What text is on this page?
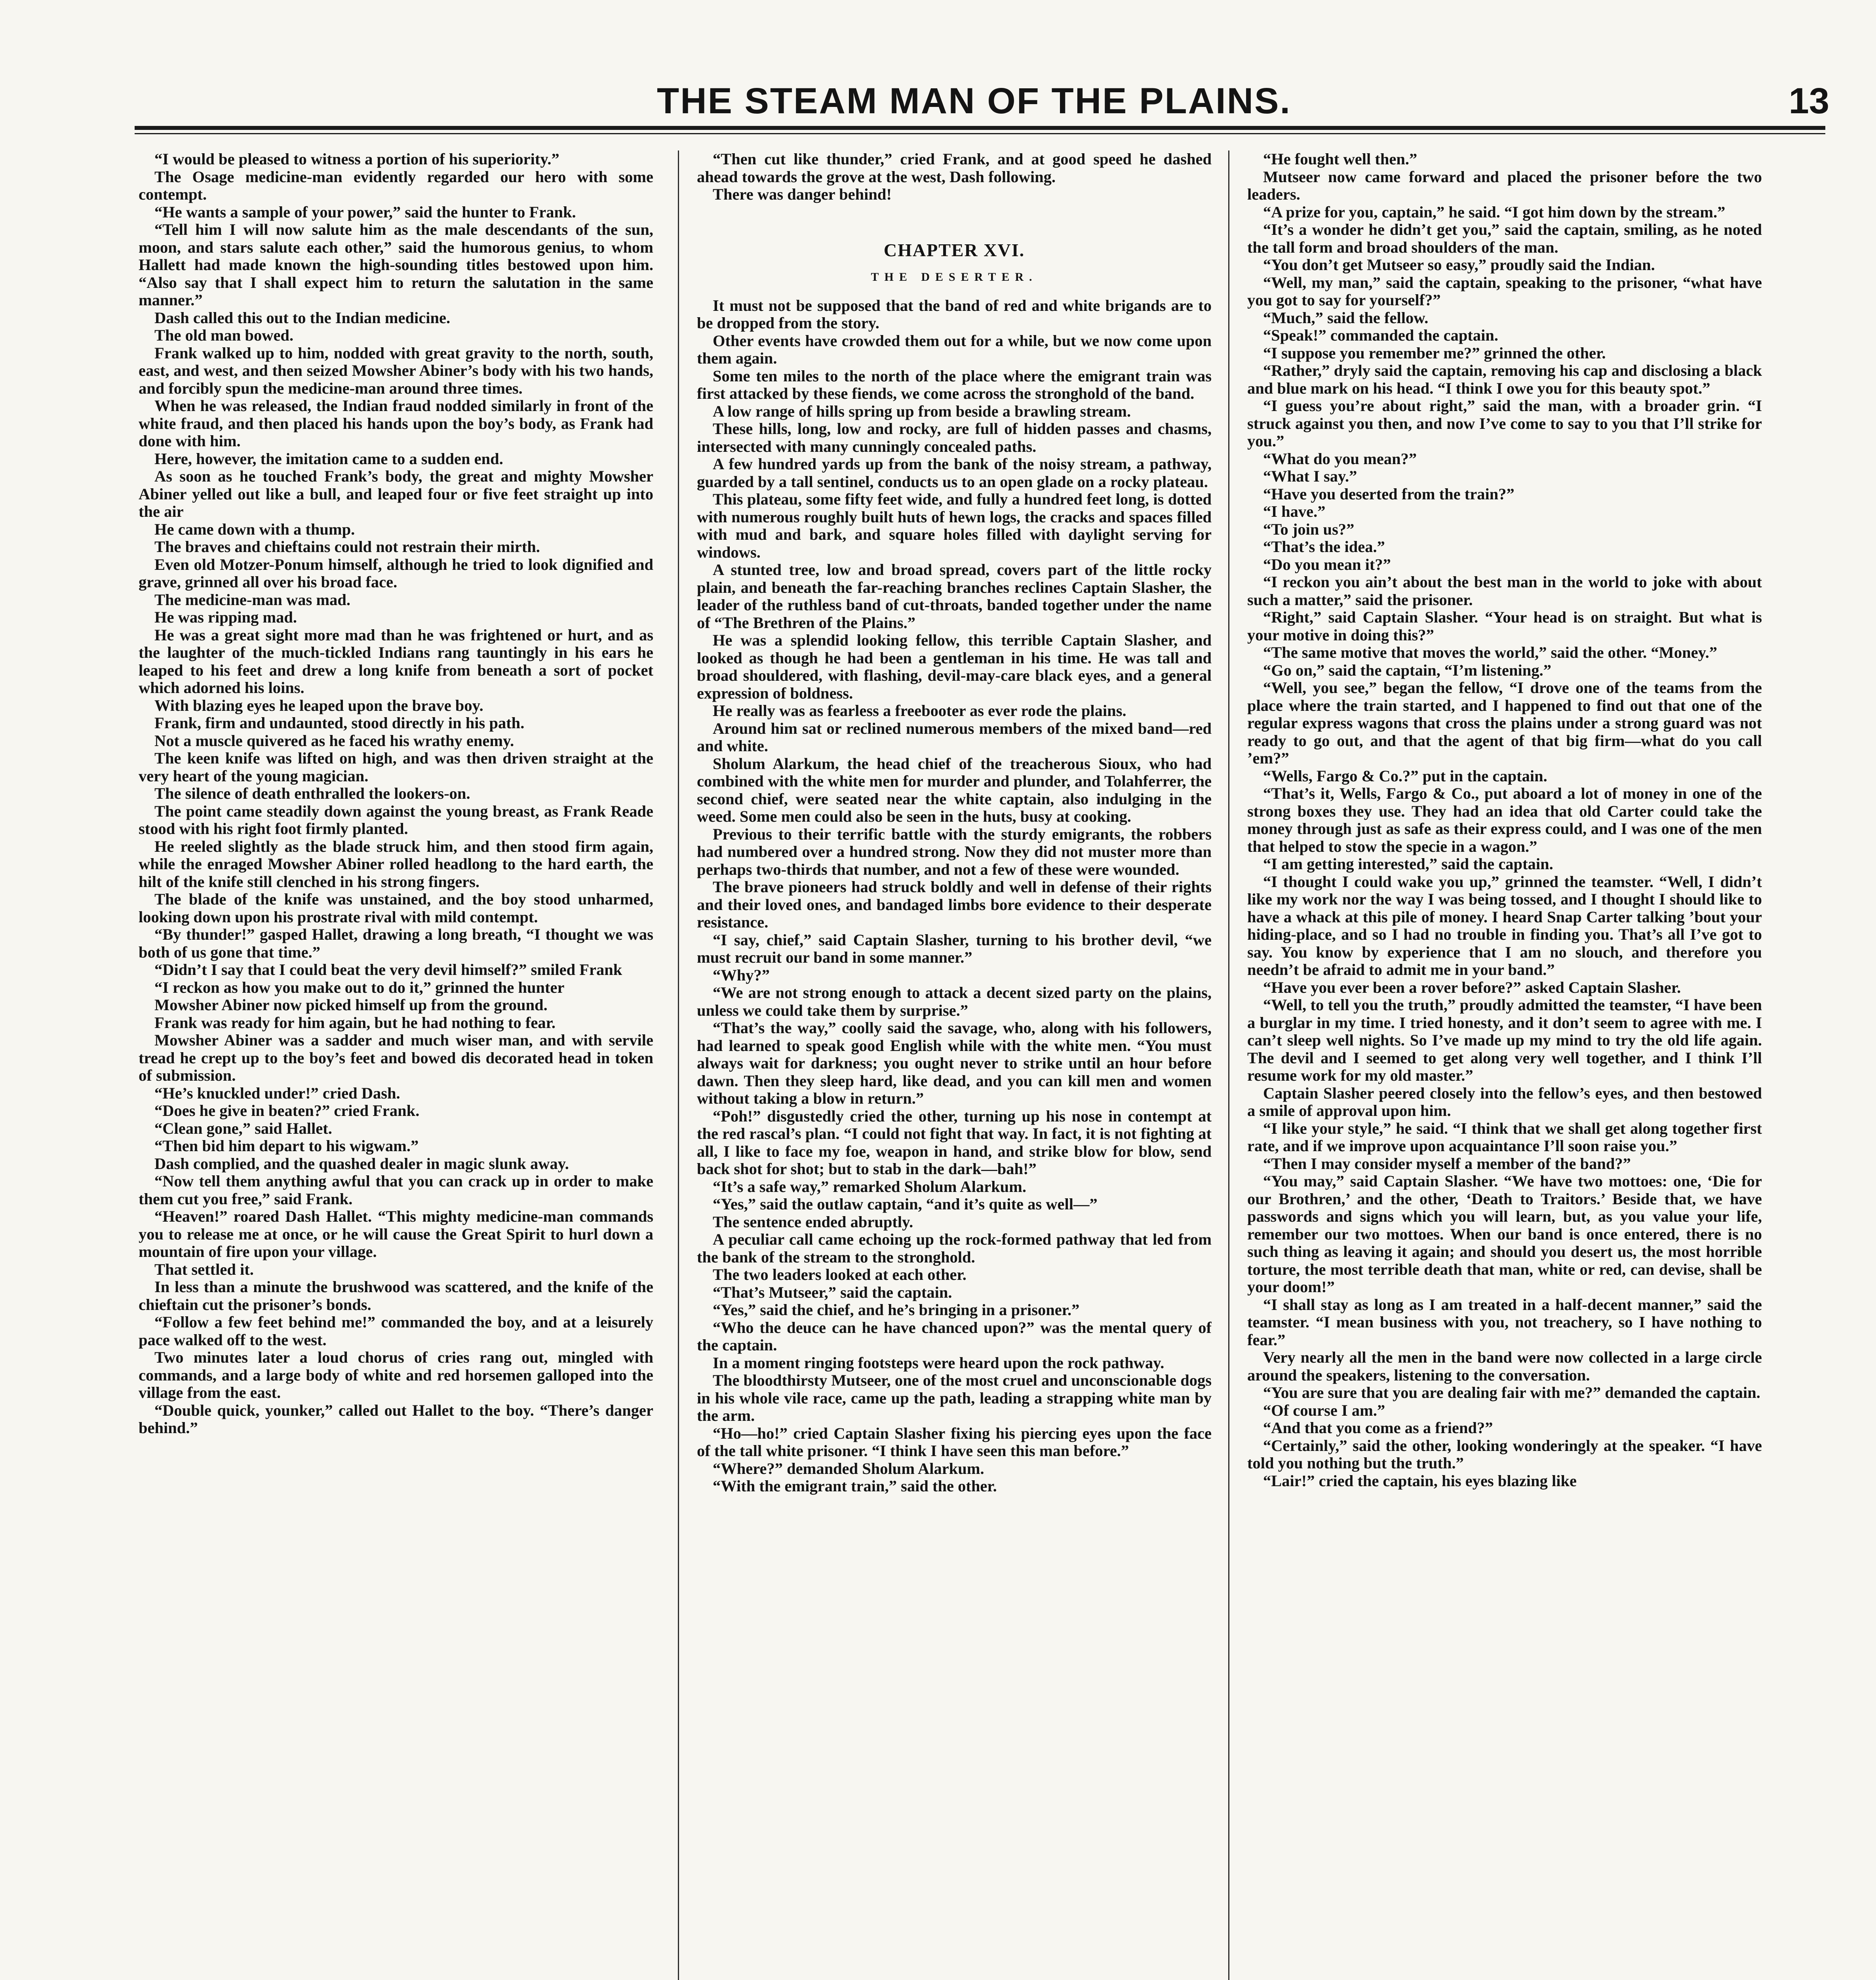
THE STEAM MAN OF THE PLAINS.	13

“I would be pleased to witness a portion of his superiority.”

The Osage medicine-man evidently regarded our hero with some contempt.

“He wants a sample of your power,” said the hunter to Frank.

“Tell him I will now salute him as the male descendants of the sun, moon, and stars salute each other,” said the humorous genius, to whom Hallett had made known the high-sounding titles bestowed upon him. “Also say that I shall expect him to return the salutation in the same manner.”

Dash called this out to the Indian medicine.

The old man bowed.

Frank walked up to him, nodded with great gravity to the north, south, east, and west, and then seized Mowsher Abiner’s body with his two hands, and forcibly spun the medicine-man around three times.

When he was released, the Indian fraud nodded similarly in front of the white fraud, and then placed his hands upon the boy’s body, as Frank had done with him.

Here, however, the imitation came to a sudden end.

As soon as he touched Frank’s body, the great and mighty Mowsher Abiner yelled out like a bull, and leaped four or five feet straight up into the air

He came down with a thump.

The braves and chieftains could not restrain their mirth.

Even old Motzer-Ponum himself, although he tried to look dignified and grave, grinned all over his broad face.

The medicine-man was mad.

He was ripping mad.

He was a great sight more mad than he was frightened or hurt, and as the laughter of the much-tickled Indians rang tauntingly in his ears he leaped to his feet and drew a long knife from beneath a sort of pocket which adorned his loins.

With blazing eyes he leaped upon the brave boy.

Frank, firm and undaunted, stood directly in his path.

Not a muscle quivered as he faced his wrathy enemy.

The keen knife was lifted on high, and was then driven straight at the very heart of the young magician.

The silence of death enthralled the lookers-on.

The point came steadily down against the young breast, as Frank Reade stood with his right foot firmly planted.

He reeled slightly as the blade struck him, and then stood firm again, while the enraged Mowsher Abiner rolled headlong to the hard earth, the hilt of the knife still clenched in his strong fingers.

The blade of the knife was unstained, and the boy stood unharmed, looking down upon his prostrate rival with mild contempt.

“By thunder!” gasped Hallet, drawing a long breath, “I thought we was both of us gone that time.”

“Didn’t I say that I could beat the very devil himself?” smiled Frank

“I reckon as how you make out to do it,” grinned the hunter

Mowsher Abiner now picked himself up from the ground.

Frank was ready for him again, but he had nothing to fear.

Mowsher Abiner was a sadder and much wiser man, and with servile tread he crept up to the boy’s feet and bowed dis decorated head in token of submission.

“He’s knuckled under!” cried Dash.

“Does he give in beaten?” cried Frank.

“Clean gone,” said Hallet.

“Then bid him depart to his wigwam.”

Dash complied, and the quashed dealer in magic slunk away.

“Now tell them anything awful that you can crack up in order to make them cut you free,” said Frank.

“Heaven!” roared Dash Hallet. “This mighty medicine-man commands you to release me at once, or he will cause the Great Spirit to hurl down a mountain of fire upon your village.

That settled it.

In less than a minute the brushwood was scattered, and the knife of the chieftain cut the prisoner’s bonds.

“Follow a few feet behind me!” commanded the boy, and at a leisurely pace walked off to the west.

Two minutes later a loud chorus of cries rang out, mingled with commands, and a large body of white and red horsemen galloped into the village from the east.

“Double quick, younker,” called out Hallet to the boy. “There’s danger behind.”

“Then cut like thunder,” cried Frank, and at good speed he dashed ahead towards the grove at the west, Dash following.

There was danger behind!

CHAPTER XVI.
THE DESERTER.

It must not be supposed that the band of red and white brigands are to be dropped from the story.

Other events have crowded them out for a while, but we now come upon them again.

Some ten miles to the north of the place where the emigrant train was first attacked by these fiends, we come across the stronghold of the band.

A low range of hills spring up from beside a brawling stream.

These hills, long, low and rocky, are full of hidden passes and chasms, intersected with many cunningly concealed paths.

A few hundred yards up from the bank of the noisy stream, a pathway, guarded by a tall sentinel, conducts us to an open glade on a rocky plateau.

This plateau, some fifty feet wide, and fully a hundred feet long, is dotted with numerous roughly built huts of hewn logs, the cracks and spaces filled with mud and bark, and square holes filled with daylight serving for windows.

A stunted tree, low and broad spread, covers part of the little rocky plain, and beneath the far-reaching branches reclines Captain Slasher, the leader of the ruthless band of cut-throats, banded together under the name of “The Brethren of the Plains.”

He was a splendid looking fellow, this terrible Captain Slasher, and looked as though he had been a gentleman in his time. He was tall and broad shouldered, with flashing, devil-may-care black eyes, and a general expression of boldness.

He really was as fearless a freebooter as ever rode the plains.

Around him sat or reclined numerous members of the mixed band—red and white.

Sholum Alarkum, the head chief of the treacherous Sioux, who had combined with the white men for murder and plunder, and Tolahferrer, the second chief, were seated near the white captain, also indulging in the weed. Some men could also be seen in the huts, busy at cooking.

Previous to their terrific battle with the sturdy emigrants, the robbers had numbered over a hundred strong. Now they did not muster more than perhaps two-thirds that number, and not a few of these were wounded.

The brave pioneers had struck boldly and well in defense of their rights and their loved ones, and bandaged limbs bore evidence to their desperate resistance.

“I say, chief,” said Captain Slasher, turning to his brother devil, “we must recruit our band in some manner.”

“Why?”

“We are not strong enough to attack a decent sized party on the plains, unless we could take them by surprise.”

“That’s the way,” coolly said the savage, who, along with his followers, had learned to speak good English while with the white men. “You must always wait for darkness; you ought never to strike until an hour before dawn. Then they sleep hard, like dead, and you can kill men and women without taking a blow in return.”

“Poh!” disgustedly cried the other, turning up his nose in contempt at the red rascal’s plan. “I could not fight that way. In fact, it is not fighting at all, I like to face my foe, weapon in hand, and strike blow for blow, send back shot for shot; but to stab in the dark—bah!”

“It’s a safe way,” remarked Sholum Alarkum.

“Yes,” said the outlaw captain, “and it’s quite as well—”

The sentence ended abruptly.

A peculiar call came echoing up the rock-formed pathway that led from the bank of the stream to the stronghold.

The two leaders looked at each other.

“That’s Mutseer,” said the captain.

“Yes,” said the chief, and he’s bringing in a prisoner.”

“Who the deuce can he have chanced upon?” was the mental query of the captain.

In a moment ringing footsteps were heard upon the rock pathway.

The bloodthirsty Mutseer, one of the most cruel and unconscionable dogs in his whole vile race, came up the path, leading a strapping white man by the arm.

“Ho—ho!” cried Captain Slasher fixing his piercing eyes upon the face of the tall white prisoner. “I think I have seen this man before.”

“Where?” demanded Sholum Alarkum.

“With the emigrant train,” said the other.

“He fought well then.”

Mutseer now came forward and placed the prisoner before the two leaders.

“A prize for you, captain,” he said. “I got him down by the stream.”

“It’s a wonder he didn’t get you,” said the captain, smiling, as he noted the tall form and broad shoulders of the man.

“You don’t get Mutseer so easy,” proudly said the Indian.

“Well, my man,” said the captain, speaking to the prisoner, “what have you got to say for yourself?”

“Much,” said the fellow.

“Speak!” commanded the captain.

“I suppose you remember me?” grinned the other.

“Rather,” dryly said the captain, removing his cap and disclosing a black and blue mark on his head. “I think I owe you for this beauty spot.”

“I guess you’re about right,” said the man, with a broader grin. “I struck against you then, and now I’ve come to say to you that I’ll strike for you.”

“What do you mean?”

“What I say.”

“Have you deserted from the train?”

“I have.”

“To join us?”

“That’s the idea.”

“Do you mean it?”

“I reckon you ain’t about the best man in the world to joke with about such a matter,” said the prisoner.

“Right,” said Captain Slasher. “Your head is on straight. But what is your motive in doing this?”

“The same motive that moves the world,” said the other. “Money.”

“Go on,” said the captain, “I’m listening.”

“Well, you see,” began the fellow, “I drove one of the teams from the place where the train started, and I happened to find out that one of the regular express wagons that cross the plains under a strong guard was not ready to go out, and that the agent of that big firm—what do you call ’em?”

“Wells, Fargo & Co.?” put in the captain.

“That’s it, Wells, Fargo & Co., put aboard a lot of money in one of the strong boxes they use. They had an idea that old Carter could take the money through just as safe as their express could, and I was one of the men that helped to stow the specie in a wagon.”

“I am getting interested,” said the captain.

“I thought I could wake you up,” grinned the teamster. “Well, I didn’t like my work nor the way I was being tossed, and I thought I should like to have a whack at this pile of money. I heard Snap Carter talking ’bout your hiding-place, and so I had no trouble in finding you. That’s all I’ve got to say. You know by experience that I am no slouch, and therefore you needn’t be afraid to admit me in your band.”

“Have you ever been a rover before?” asked Captain Slasher.

“Well, to tell you the truth,” proudly admitted the teamster, “I have been a burglar in my time. I tried honesty, and it don’t seem to agree with me. I can’t sleep well nights. So I’ve made up my mind to try the old life again. The devil and I seemed to get along very well together, and I think I’ll resume work for my old master.”

Captain Slasher peered closely into the fellow’s eyes, and then bestowed a smile of approval upon him.

“I like your style,” he said. “I think that we shall get along together first rate, and if we improve upon acquaintance I’ll soon raise you.”

“Then I may consider myself a member of the band?”

“You may,” said Captain Slasher. “We have two mottoes: one, ‘Die for our Brothren,’ and the other, ‘Death to Traitors.’ Beside that, we have passwords and signs which you will learn, but, as you value your life, remember our two mottoes. When our band is once entered, there is no such thing as leaving it again; and should you desert us, the most horrible torture, the most terrible death that man, white or red, can devise, shall be your doom!”

“I shall stay as long as I am treated in a half-decent manner,” said the teamster. “I mean business with you, not treachery, so I have nothing to fear.”

Very nearly all the men in the band were now collected in a large circle around the speakers, listening to the conversation.

“You are sure that you are dealing fair with me?” demanded the captain.

“Of course I am.”

“And that you come as a friend?”

“Certainly,” said the other, looking wonderingly at the speaker. “I have told you nothing but the truth.”

“Lair!” cried the captain, his eyes blazing like
